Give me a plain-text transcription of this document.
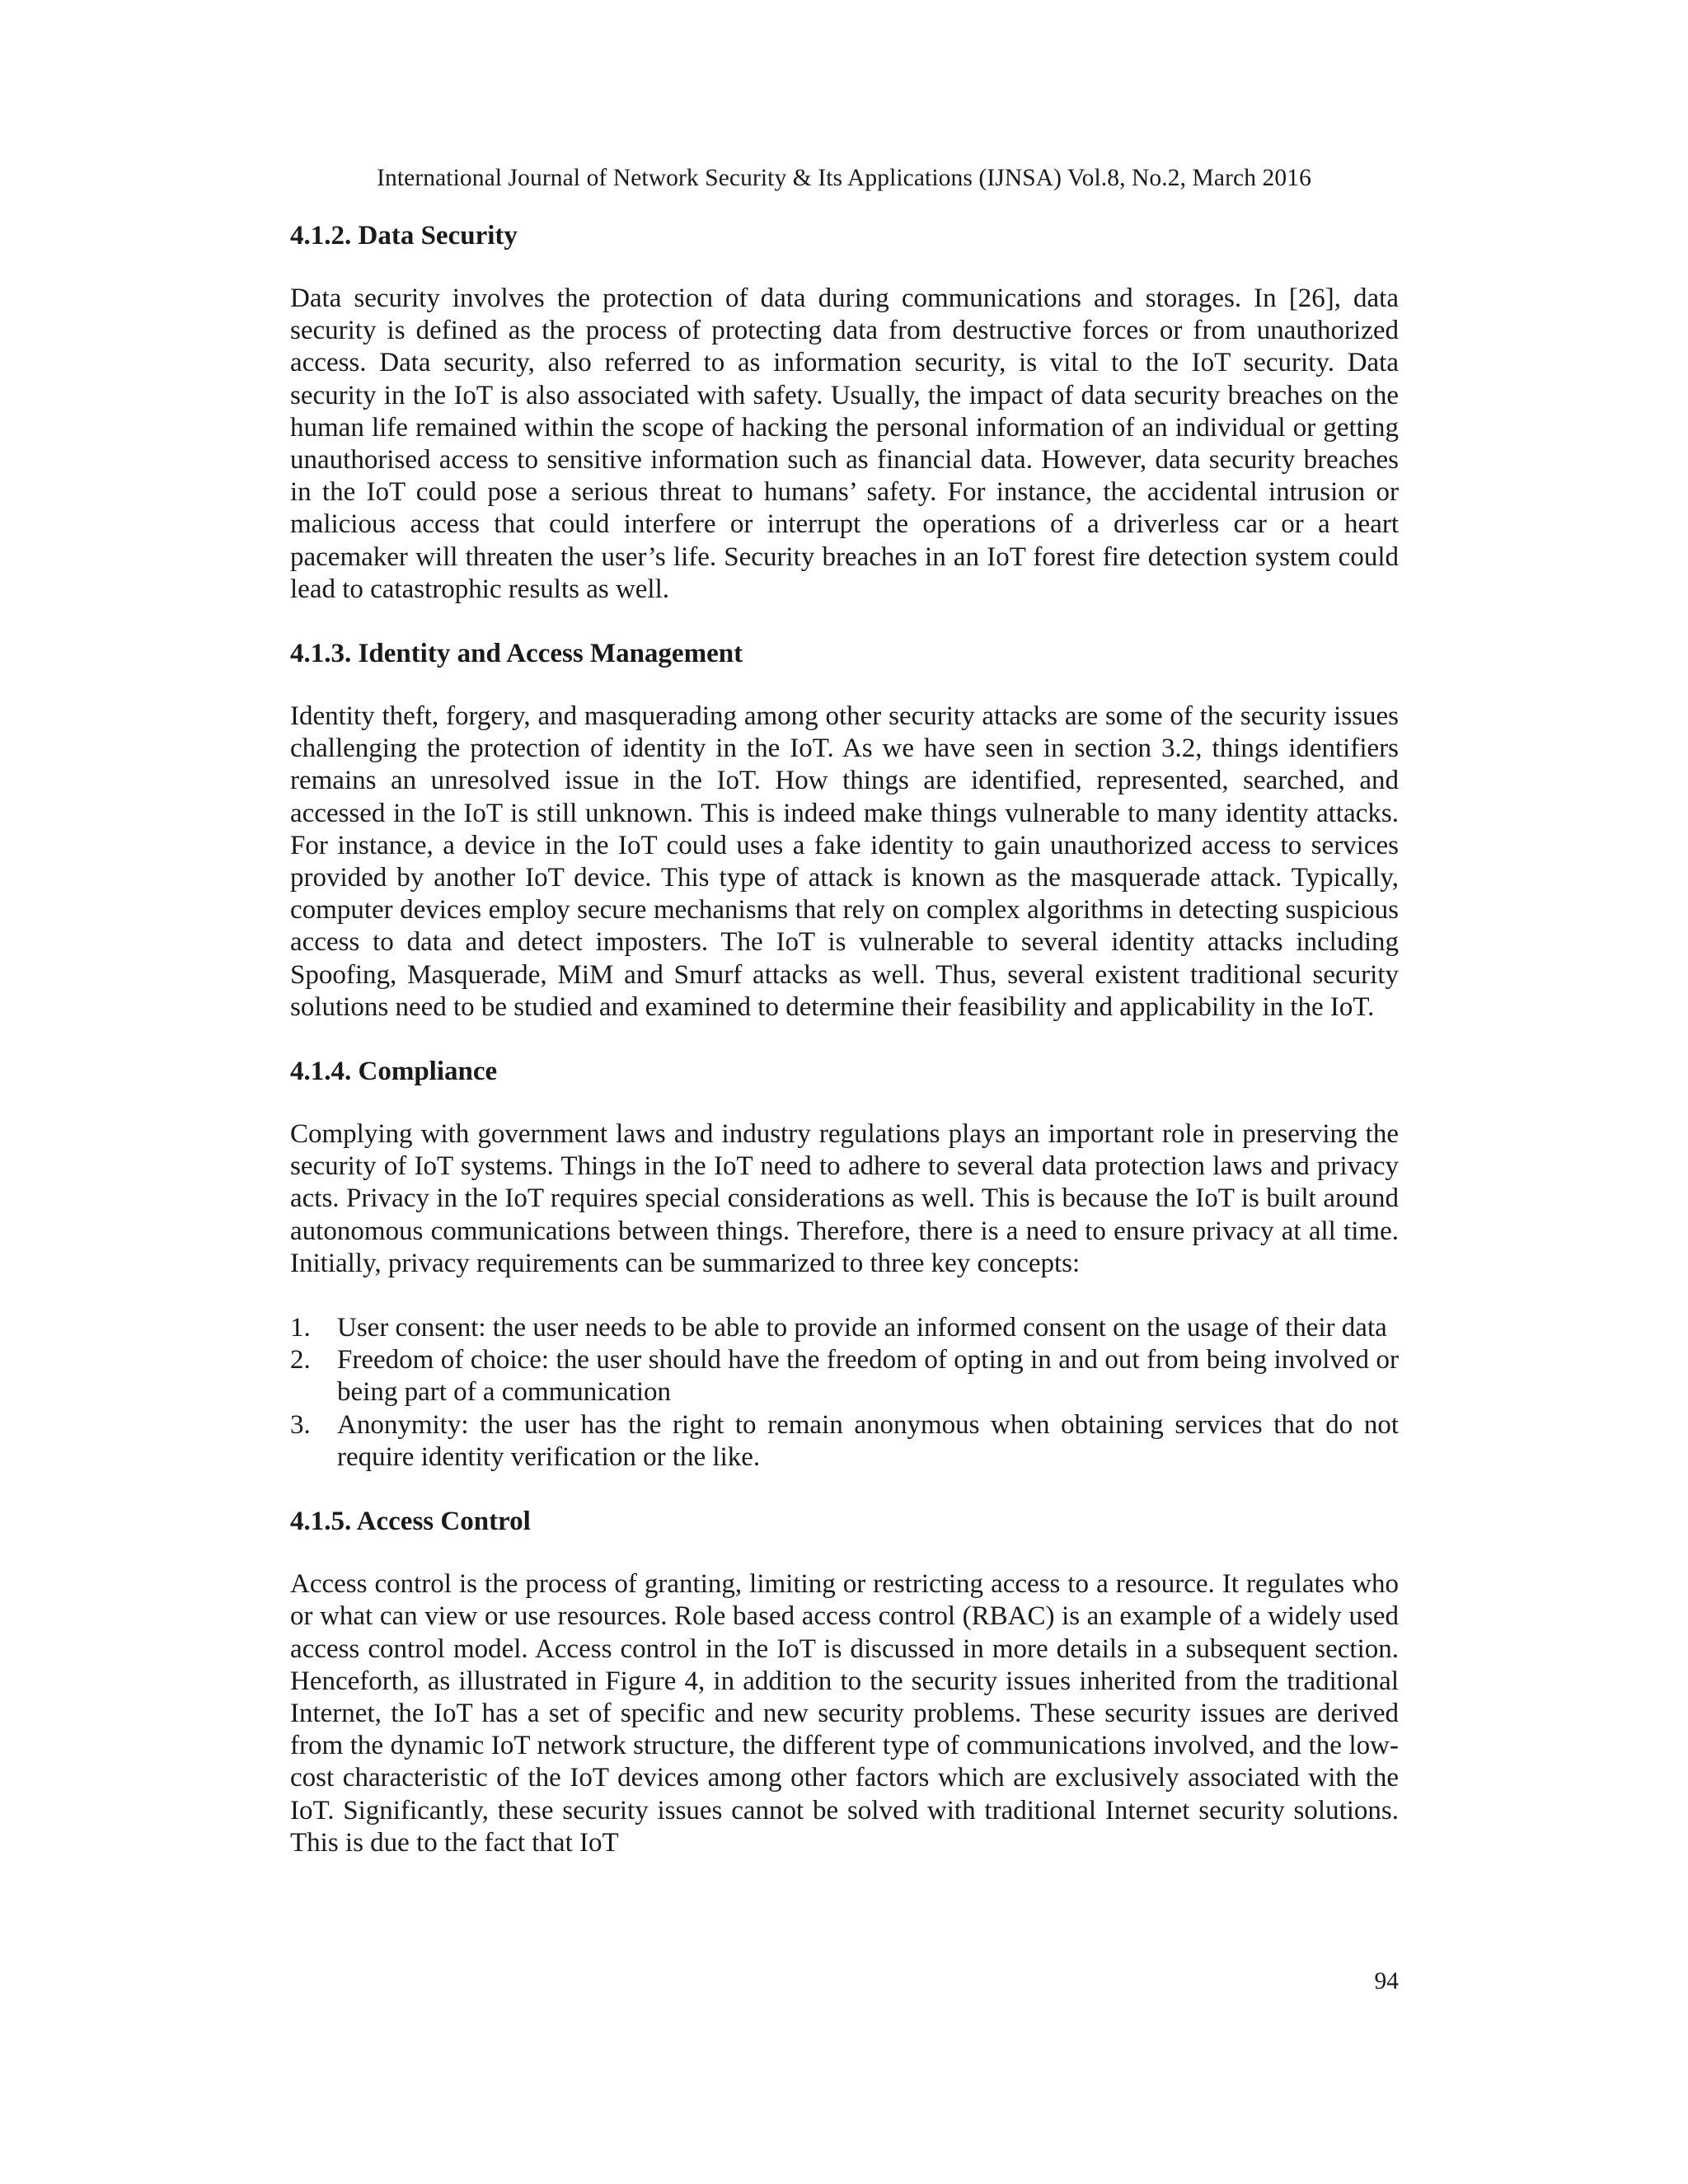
International Journal of Network Security & Its Applications (IJNSA) Vol.8, No.2, March 2016
4.1.2. Data Security

Data security involves the protection of data during communications and storages. In [26], data security is defined as the process of protecting data from destructive forces or from unauthorized access. Data security, also referred to as information security, is vital to the IoT security. Data security in the IoT is also associated with safety. Usually, the impact of data security breaches on the human life remained within the scope of hacking the personal information of an individual or getting unauthorised access to sensitive information such as financial data. However, data security breaches in the IoT could pose a serious threat to humans’ safety. For instance, the accidental intrusion or malicious access that could interfere or interrupt the operations of a driverless car or a heart pacemaker will threaten the user’s life. Security breaches in an IoT forest fire detection system could lead to catastrophic results as well.

4.1.3. Identity and Access Management

Identity theft, forgery, and masquerading among other security attacks are some of the security issues challenging the protection of identity in the IoT. As we have seen in section 3.2, things identifiers remains an unresolved issue in the IoT. How things are identified, represented, searched, and accessed in the IoT is still unknown. This is indeed make things vulnerable to many identity attacks. For instance, a device in the IoT could uses a fake identity to gain unauthorized access to services provided by another IoT device. This type of attack is known as the masquerade attack. Typically, computer devices employ secure mechanisms that rely on complex algorithms in detecting suspicious access to data and detect imposters. The IoT is vulnerable to several identity attacks including Spoofing, Masquerade, MiM and Smurf attacks as well. Thus, several existent traditional security solutions need to be studied and examined to determine their feasibility and applicability in the IoT.

4.1.4. Compliance

Complying with government laws and industry regulations plays an important role in preserving the security of IoT systems. Things in the IoT need to adhere to several data protection laws and privacy acts. Privacy in the IoT requires special considerations as well. This is because the IoT is built around autonomous communications between things. Therefore, there is a need to ensure privacy at all time. Initially, privacy requirements can be summarized to three key concepts:

1. User consent: the user needs to be able to provide an informed consent on the usage of their data
2. Freedom of choice: the user should have the freedom of opting in and out from being involved or being part of a communication
3. Anonymity: the user has the right to remain anonymous when obtaining services that do not require identity verification or the like.
4.1.5. Access Control

Access control is the process of granting, limiting or restricting access to a resource. It regulates who or what can view or use resources. Role based access control (RBAC) is an example of a widely used access control model. Access control in the IoT is discussed in more details in a subsequent section. Henceforth, as illustrated in Figure 4, in addition to the security issues inherited from the traditional Internet, the IoT has a set of specific and new security problems. These security issues are derived from the dynamic IoT network structure, the different type of communications involved, and the low-cost characteristic of the IoT devices among other factors which are exclusively associated with the IoT. Significantly, these security issues cannot be solved with traditional Internet security solutions. This is due to the fact that IoT

94
